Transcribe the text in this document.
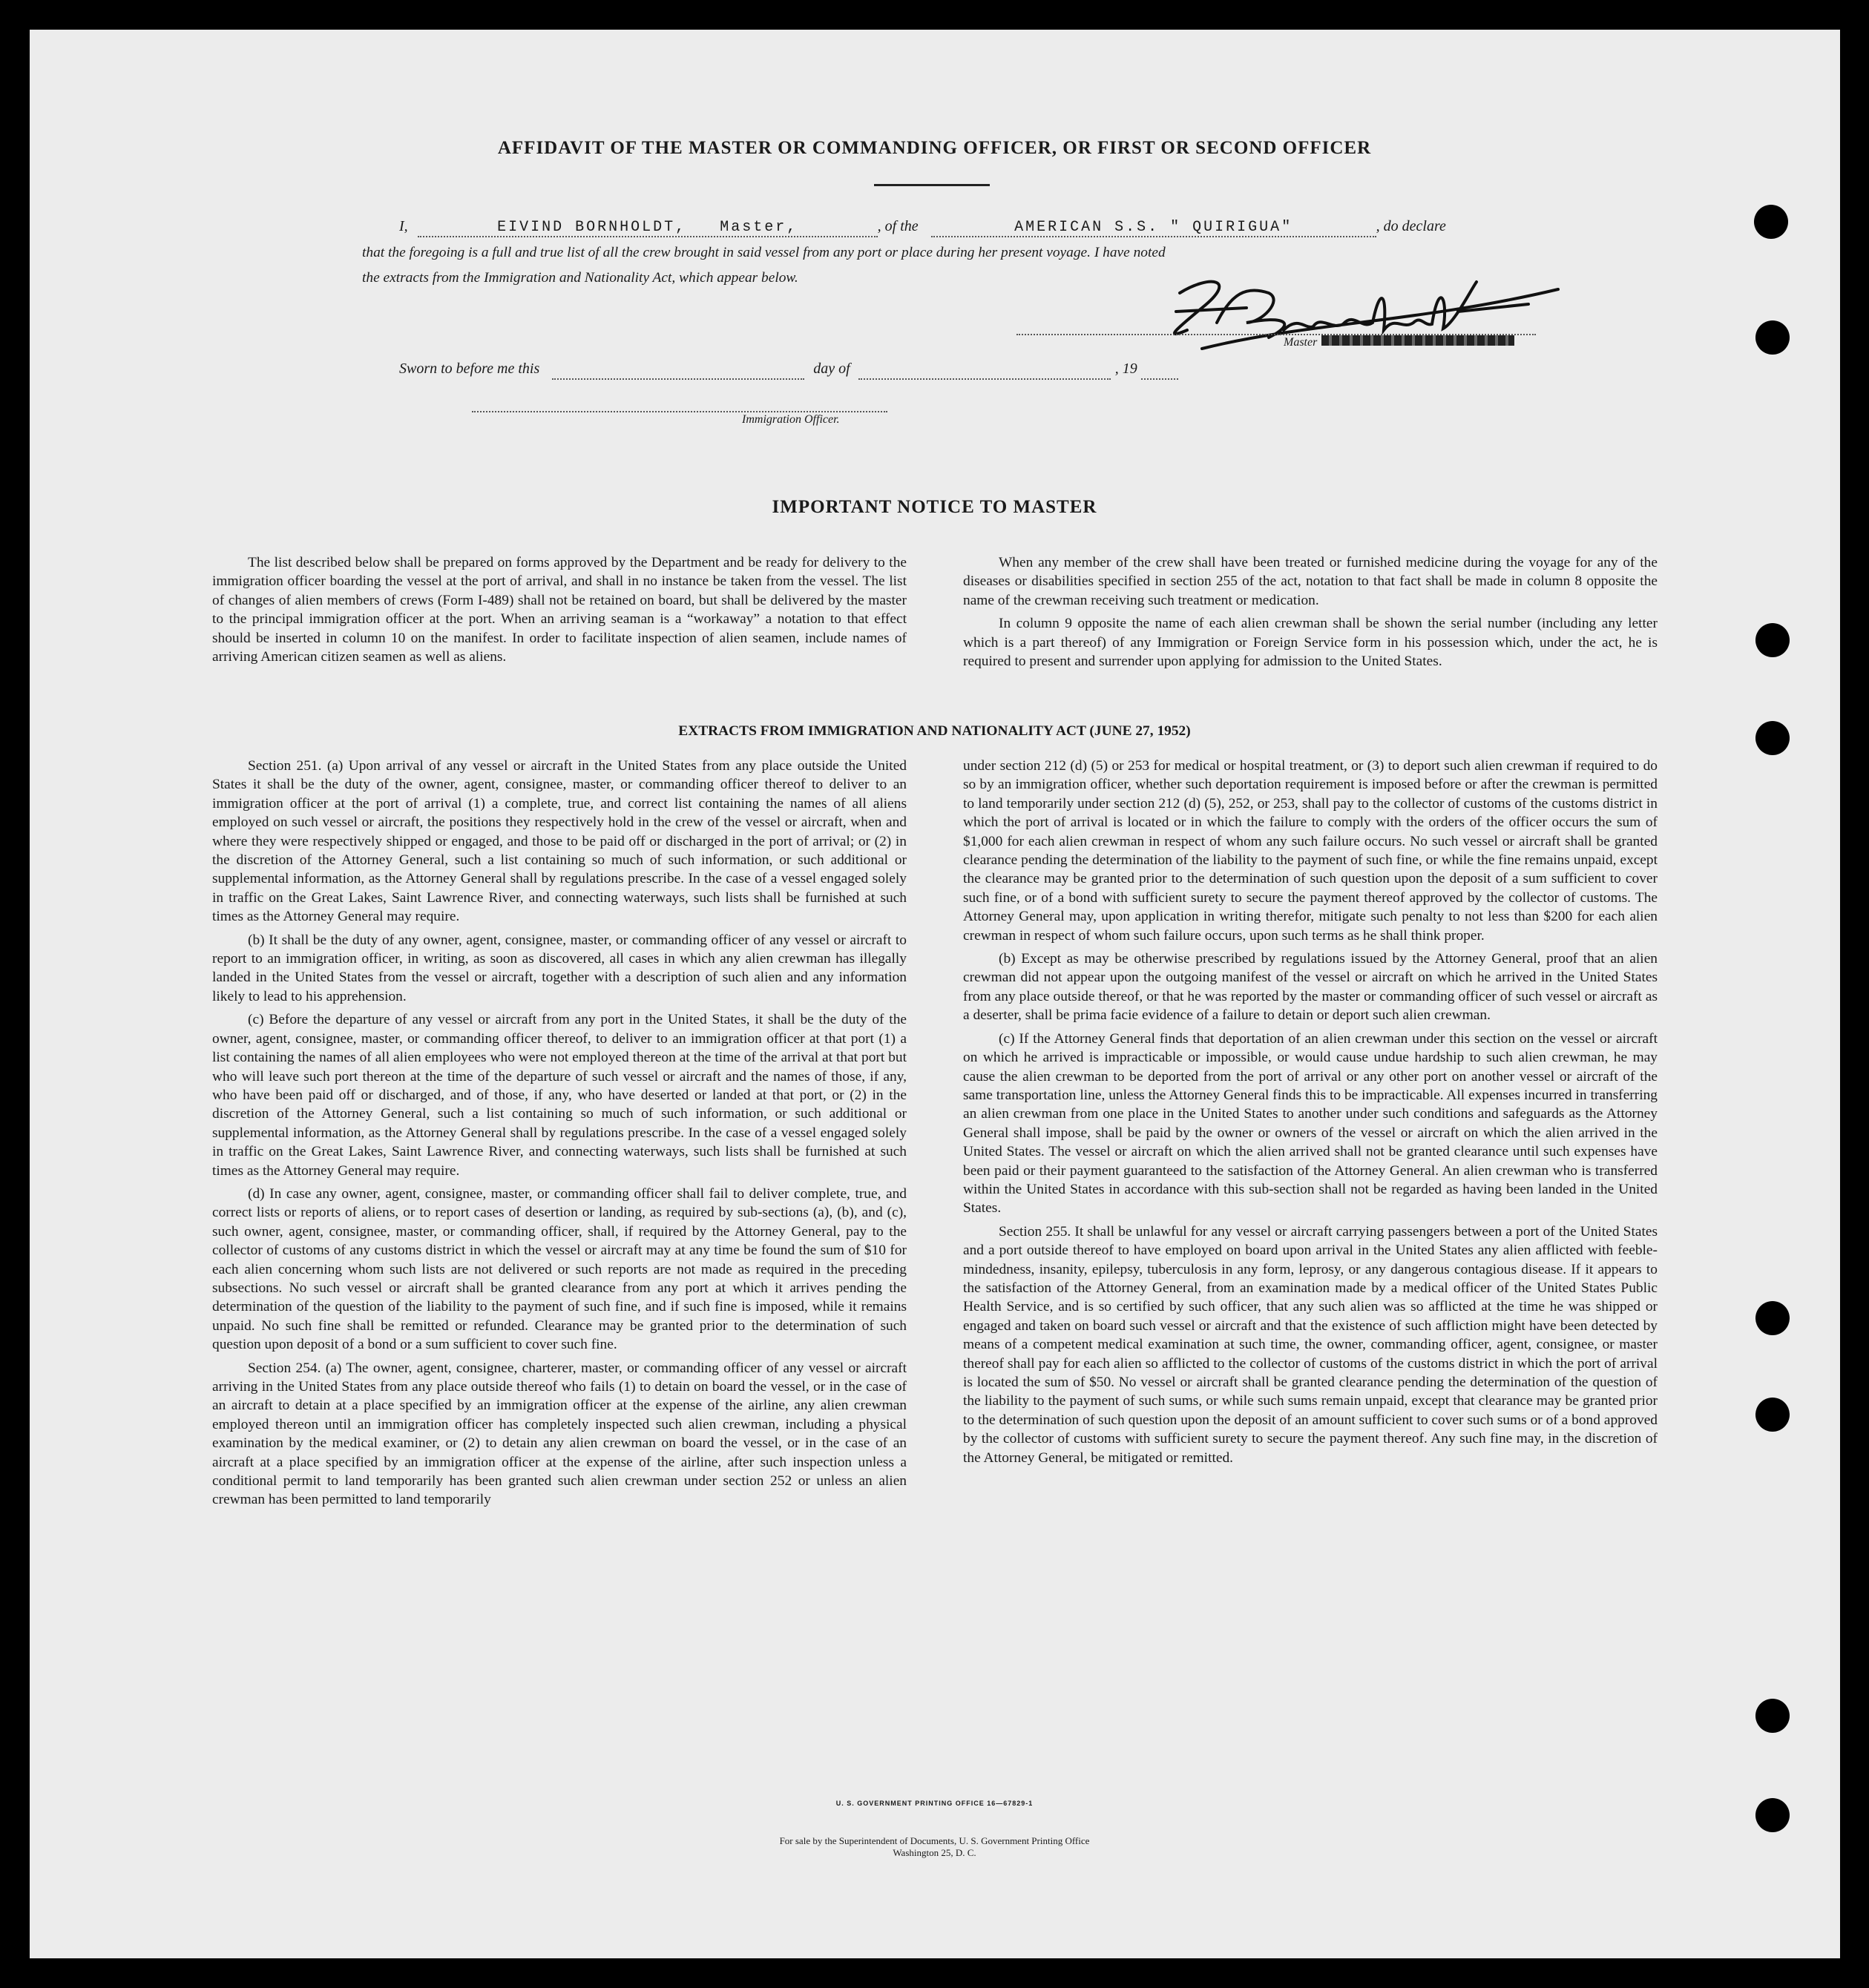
AFFIDAVIT OF THE MASTER OR COMMANDING OFFICER, OR FIRST OR SECOND OFFICER
I,	EIVIND BORNHOLDT, Master,	, of the	AMERICAN S.S. " QUIRIGUA"	, do declare
that the foregoing is a full and true list of all the crew brought in said vessel from any port or place during her present voyage. I have noted
the extracts from the Immigration and Nationality Act, which appear below.
Master
Sworn to before me this	day of	, 19
Immigration Officer.
IMPORTANT NOTICE TO MASTER

The list described below shall be prepared on forms approved by the Department and be ready for delivery to the immigration officer boarding the vessel at the port of arrival, and shall in no instance be taken from the vessel. The list of changes of alien members of crews (Form I-489) shall not be retained on board, but shall be delivered by the master to the principal immigration officer at the port. When an arriving seaman is a “workaway” a notation to that effect should be inserted in column 10 on the manifest. In order to facilitate inspection of alien seamen, include names of arriving American citizen seamen as well as aliens.

When any member of the crew shall have been treated or furnished medicine during the voyage for any of the diseases or disabilities specified in section 255 of the act, notation to that fact shall be made in column 8 opposite the name of the crewman receiving such treatment or medication.

In column 9 opposite the name of each alien crewman shall be shown the serial number (including any letter which is a part thereof) of any Immigration or Foreign Service form in his possession which, under the act, he is required to present and surrender upon applying for admission to the United States.

EXTRACTS FROM IMMIGRATION AND NATIONALITY ACT (JUNE 27, 1952)

Section 251. (a) Upon arrival of any vessel or aircraft in the United States from any place outside the United States it shall be the duty of the owner, agent, consignee, master, or commanding officer thereof to deliver to an immigration officer at the port of arrival (1) a complete, true, and correct list containing the names of all aliens employed on such vessel or aircraft, the positions they respectively hold in the crew of the vessel or aircraft, when and where they were respectively shipped or engaged, and those to be paid off or discharged in the port of arrival; or (2) in the discretion of the Attorney General, such a list containing so much of such information, or such additional or supplemental information, as the Attorney General shall by regulations prescribe. In the case of a vessel engaged solely in traffic on the Great Lakes, Saint Lawrence River, and connecting waterways, such lists shall be furnished at such times as the Attorney General may require.

(b) It shall be the duty of any owner, agent, consignee, master, or commanding officer of any vessel or aircraft to report to an immigration officer, in writing, as soon as discovered, all cases in which any alien crewman has illegally landed in the United States from the vessel or aircraft, together with a description of such alien and any information likely to lead to his apprehension.

(c) Before the departure of any vessel or aircraft from any port in the United States, it shall be the duty of the owner, agent, consignee, master, or commanding officer thereof, to deliver to an immigration officer at that port (1) a list containing the names of all alien employees who were not employed thereon at the time of the arrival at that port but who will leave such port thereon at the time of the departure of such vessel or aircraft and the names of those, if any, who have been paid off or discharged, and of those, if any, who have deserted or landed at that port, or (2) in the discretion of the Attorney General, such a list containing so much of such information, or such additional or supplemental information, as the Attorney General shall by regulations prescribe. In the case of a vessel engaged solely in traffic on the Great Lakes, Saint Lawrence River, and connecting waterways, such lists shall be furnished at such times as the Attorney General may require.

(d) In case any owner, agent, consignee, master, or commanding officer shall fail to deliver complete, true, and correct lists or reports of aliens, or to report cases of desertion or landing, as required by sub-sections (a), (b), and (c), such owner, agent, consignee, master, or commanding officer, shall, if required by the Attorney General, pay to the collector of customs of any customs district in which the vessel or aircraft may at any time be found the sum of $10 for each alien concerning whom such lists are not delivered or such reports are not made as required in the preceding subsections. No such vessel or aircraft shall be granted clearance from any port at which it arrives pending the determination of the question of the liability to the payment of such fine, and if such fine is imposed, while it remains unpaid. No such fine shall be remitted or refunded. Clearance may be granted prior to the determination of such question upon deposit of a bond or a sum sufficient to cover such fine.

Section 254. (a) The owner, agent, consignee, charterer, master, or commanding officer of any vessel or aircraft arriving in the United States from any place outside thereof who fails (1) to detain on board the vessel, or in the case of an aircraft to detain at a place specified by an immigration officer at the expense of the airline, any alien crewman employed thereon until an immigration officer has completely inspected such alien crewman, including a physical examination by the medical examiner, or (2) to detain any alien crewman on board the vessel, or in the case of an aircraft at a place specified by an immigration officer at the expense of the airline, after such inspection unless a conditional permit to land temporarily has been granted such alien crewman under section 252 or unless an alien crewman has been permitted to land temporarily

under section 212 (d) (5) or 253 for medical or hospital treatment, or (3) to deport such alien crewman if required to do so by an immigration officer, whether such deportation requirement is imposed before or after the crewman is permitted to land temporarily under section 212 (d) (5), 252, or 253, shall pay to the collector of customs of the customs district in which the port of arrival is located or in which the failure to comply with the orders of the officer occurs the sum of $1,000 for each alien crewman in respect of whom any such failure occurs. No such vessel or aircraft shall be granted clearance pending the determination of the liability to the payment of such fine, or while the fine remains unpaid, except the clearance may be granted prior to the determination of such question upon the deposit of a sum sufficient to cover such fine, or of a bond with sufficient surety to secure the payment thereof approved by the collector of customs. The Attorney General may, upon application in writing therefor, mitigate such penalty to not less than $200 for each alien crewman in respect of whom such failure occurs, upon such terms as he shall think proper.

(b) Except as may be otherwise prescribed by regulations issued by the Attorney General, proof that an alien crewman did not appear upon the outgoing manifest of the vessel or aircraft on which he arrived in the United States from any place outside thereof, or that he was reported by the master or commanding officer of such vessel or aircraft as a deserter, shall be prima facie evidence of a failure to detain or deport such alien crewman.

(c) If the Attorney General finds that deportation of an alien crewman under this section on the vessel or aircraft on which he arrived is impracticable or impossible, or would cause undue hardship to such alien crewman, he may cause the alien crewman to be deported from the port of arrival or any other port on another vessel or aircraft of the same transportation line, unless the Attorney General finds this to be impracticable. All expenses incurred in transferring an alien crewman from one place in the United States to another under such conditions and safeguards as the Attorney General shall impose, shall be paid by the owner or owners of the vessel or aircraft on which the alien arrived in the United States. The vessel or aircraft on which the alien arrived shall not be granted clearance until such expenses have been paid or their payment guaranteed to the satisfaction of the Attorney General. An alien crewman who is transferred within the United States in accordance with this sub-section shall not be regarded as having been landed in the United States.

Section 255. It shall be unlawful for any vessel or aircraft carrying passengers between a port of the United States and a port outside thereof to have employed on board upon arrival in the United States any alien afflicted with feeble-mindedness, insanity, epilepsy, tuberculosis in any form, leprosy, or any dangerous contagious disease. If it appears to the satisfaction of the Attorney General, from an examination made by a medical officer of the United States Public Health Service, and is so certified by such officer, that any such alien was so afflicted at the time he was shipped or engaged and taken on board such vessel or aircraft and that the existence of such affliction might have been detected by means of a competent medical examination at such time, the owner, commanding officer, agent, consignee, or master thereof shall pay for each alien so afflicted to the collector of customs of the customs district in which the port of arrival is located the sum of $50. No vessel or aircraft shall be granted clearance pending the determination of the question of the liability to the payment of such sums, or while such sums remain unpaid, except that clearance may be granted prior to the determination of such question upon the deposit of an amount sufficient to cover such sums or of a bond approved by the collector of customs with sufficient surety to secure the payment thereof. Any such fine may, in the discretion of the Attorney General, be mitigated or remitted.

U. S. GOVERNMENT PRINTING OFFICE 16—67829-1
For sale by the Superintendent of Documents, U. S. Government Printing Office
Washington 25, D. C.
